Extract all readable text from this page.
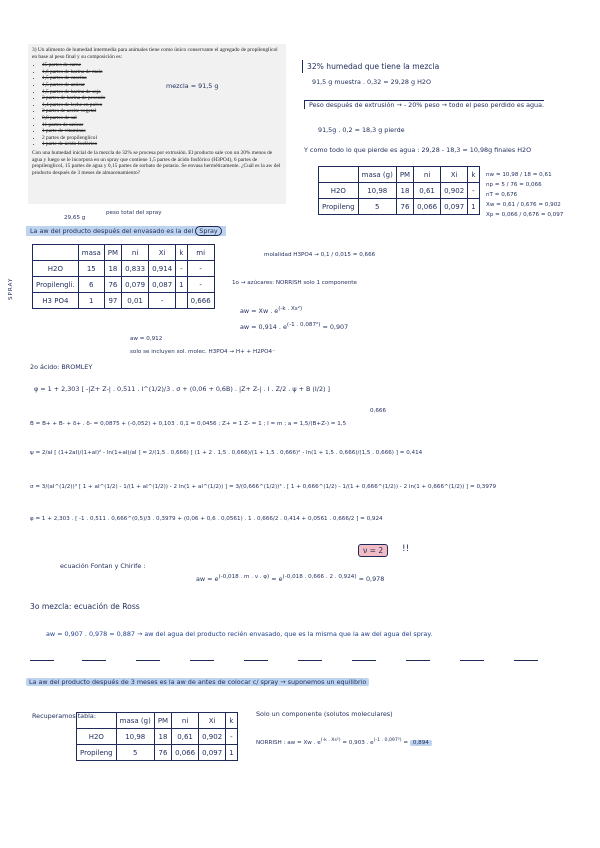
3) Un alimento de humedad intermedia para animales tiene como único conservante el agregado de propilenglicol en base al peso final y su composición es:
• 45 partes de carne
• 1,6 partes de harina de maíz
• 1,5 partes de caseína
• 1,5 partes de azúcar
• 1,5 partes de harina de soja
• 2 partes de harina de pescado
• 1,4 partes de leche en polvo
• 2 partes de aceite vegetal
• 0,8 partes de sal
• 11 partes de azúcar
• 1 parte de vitaminas
• 2 partes de propilenglicol
• 1 parte de ácido fosfórico
Con una humedad inicial de la mezcla de 32% se procesa por extrusión. El producto sale con un 20% menos de agua y luego se le incorpora en un spray que contiene 1,5 partes de ácido fosfórico (H3PO4), 6 partes de propilenglicol, 15 partes de agua y 0,15 partes de sorbato de potasio. Se envasa herméticamente. ¿Cuál es la aw del producto después de 3 meses de almacenamiento?
mezcla = 91,5 g
32% humedad que tiene la mezcla
91,5 g muestra . 0,32 = 29,28 g H2O
Peso después de extrusión → - 20% peso → todo el peso perdido es agua.
91,5g . 0,2 = 18,3 g pierde
Y como todo lo que pierde es agua : 29,28 - 18,3 = 10,98g finales H2O
	masa (g)	PM	ni	Xi	k
H2O	10,98	18	0,61	0,902	-
Propileng	5	76	0,066	0,097	1
nw = 10,98 / 18 = 0,61
np = 5 / 76 = 0,066
nT = 0,676
Xw = 0,61 / 0,676 = 0,902
Xp = 0,066 / 0,676 = 0,097
29,65 g
peso total del spray
La aw del producto después del envasado es la del Spray
SPRAY
	masa	PM	ni	Xi	k	mi
H2O	15	18	0,833	0,914	-	-
Propilengli.	6	76	0,079	0,087	1	-
H3 PO4	1	97	0,01	-		0,666
molalidad H3PO4 → 0,1 / 0,015 = 0,666
1o → azúcares: NORRISH solo 1 componente
aw = Xw . $e^{(-k . Xs^2)}$
aw = 0,914 . $e^{(-1 . 0,087^2)} = 0,907$
aw = 0,912
solo se incluyen sol. molec. H3PO4 → H+ + H2PO4⁻
2o ácido: BROMLEY
φ = 1 + 2,303 [ -|Z+ Z-| . 0,511 . I^(1/2)/3 . σ + (0,06 + 0,6B) . |Z+ Z-| . I . Z/2 . ψ + B (I/2) ]
0,666
B = B+ + B- + δ+ . δ- = 0,0875 + (-0,052) + 0,103 . 0,1 = 0,0456 ; Z+ = 1 Z- = 1 ; I = m ; a = 1,5/(B+Z-) = 1,5
ψ = 2/aI [ (1+2aI)/(1+aI)² - ln(1+aI)/aI ] = 2/(1,5 . 0,666) [ (1 + 2 . 1,5 . 0,666)/(1 + 1,5 . 0,666)² - ln(1 + 1,5 . 0,666)/(1,5 . 0,666) ] = 0,414
σ = 3/(aI^(1/2))³ [ 1 + aI^(1/2) - 1/(1 + aI^(1/2)) - 2 ln(1 + aI^(1/2)) ] = 3/(0,666^(1/2))³ . [ 1 + 0,666^(1/2) - 1/(1 + 0,666^(1/2)) - 2 ln(1 + 0,666^(1/2)) ] = 0,3979
φ = 1 + 2,303 . [ -1 . 0,511 . 0,666^(0,5)/3 . 0,3979 + (0,06 + 0,6 . 0,0561) . 1 . 0,666/2 . 0,414 + 0,0561 . 0,666/2 ] = 0,924
ν = 2	!!
ecuación Fontan y Chirife :
aw = $e^{(-0,018 . m . \nu . \varphi)} = e^{(-0,018 . 0,666 . 2 . 0,924)} = 0,978$
3o mezcla: ecuación de Ross
aw = 0,907 . 0,978 = 0,887 → aw del agua del producto recién envasado, que es la misma que la aw del agua del spray.
La aw del producto después de 3 meses es la aw de antes de colocar c/ spray → suponemos un equilibrio
Recuperamos tabla:	Solo un componente (solutos moleculares)
	masa (g)	PM	ni	Xi	k
H2O	10,98	18	0,61	0,902	-
Propileng	5	76	0,066	0,097	1
NORRISH : aw = Xw . $e^{(-k . Xs^2)} = 0,903$ . $e^{(-1 . 0,097^2)} = 0,894$
